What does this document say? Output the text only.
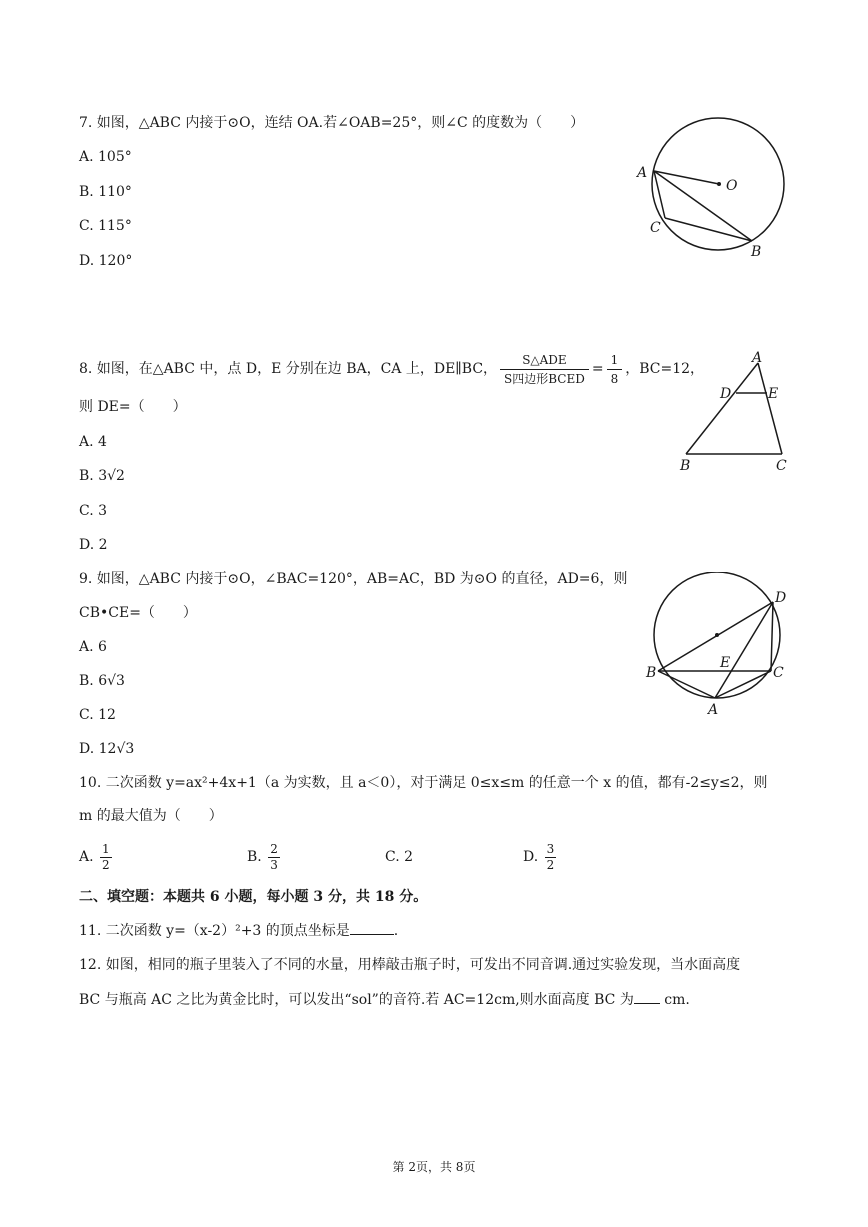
7. 如图，△ABC 内接于⊙O，连结 OA.若∠OAB=25°，则∠C 的度数为（　　）
A. 105°
B. 110°
C. 115°
D. 120°
A
O
C
B
8. 如图，在△ABC 中，点 D，E 分别在边 BA，CA 上，DE∥BC， $\frac{\text{S△ADE}}{\text{S四边形BCED}} = \frac{1}{8}$ ，BC=12，
则 DE=（　　）
A. 4
B. 3√2
C. 3
D. 2
A
D	E
B	C
9. 如图，△ABC 内接于⊙O，∠BAC=120°，AB=AC，BD 为⊙O 的直径，AD=6，则
CB•CE=（　　）
A. 6
B. 6√3
C. 12
D. 12√3
D
E
B	C
A
10. 二次函数 y=ax²+4x+1（a 为实数，且 a＜0），对于满足 0≤x≤m 的任意一个 x 的值，都有-2≤y≤2，则
m 的最大值为（　　）
A. $\frac{1}{2}$	B. $\frac{2}{3}$	C. 2	D. $\frac{3}{2}$
二、填空题：本题共 6 小题，每小题 3 分，共 18 分。
11. 二次函数 y=（x-2）²+3 的顶点坐标是	.
12. 如图，相同的瓶子里装入了不同的水量，用棒敲击瓶子时，可发出不同音调.通过实验发现，当水面高度
BC 与瓶高 AC 之比为黄金比时，可以发出“sol”的音符.若 AC=12cm,则水面高度 BC 为 cm.
第 2页，共 8页
